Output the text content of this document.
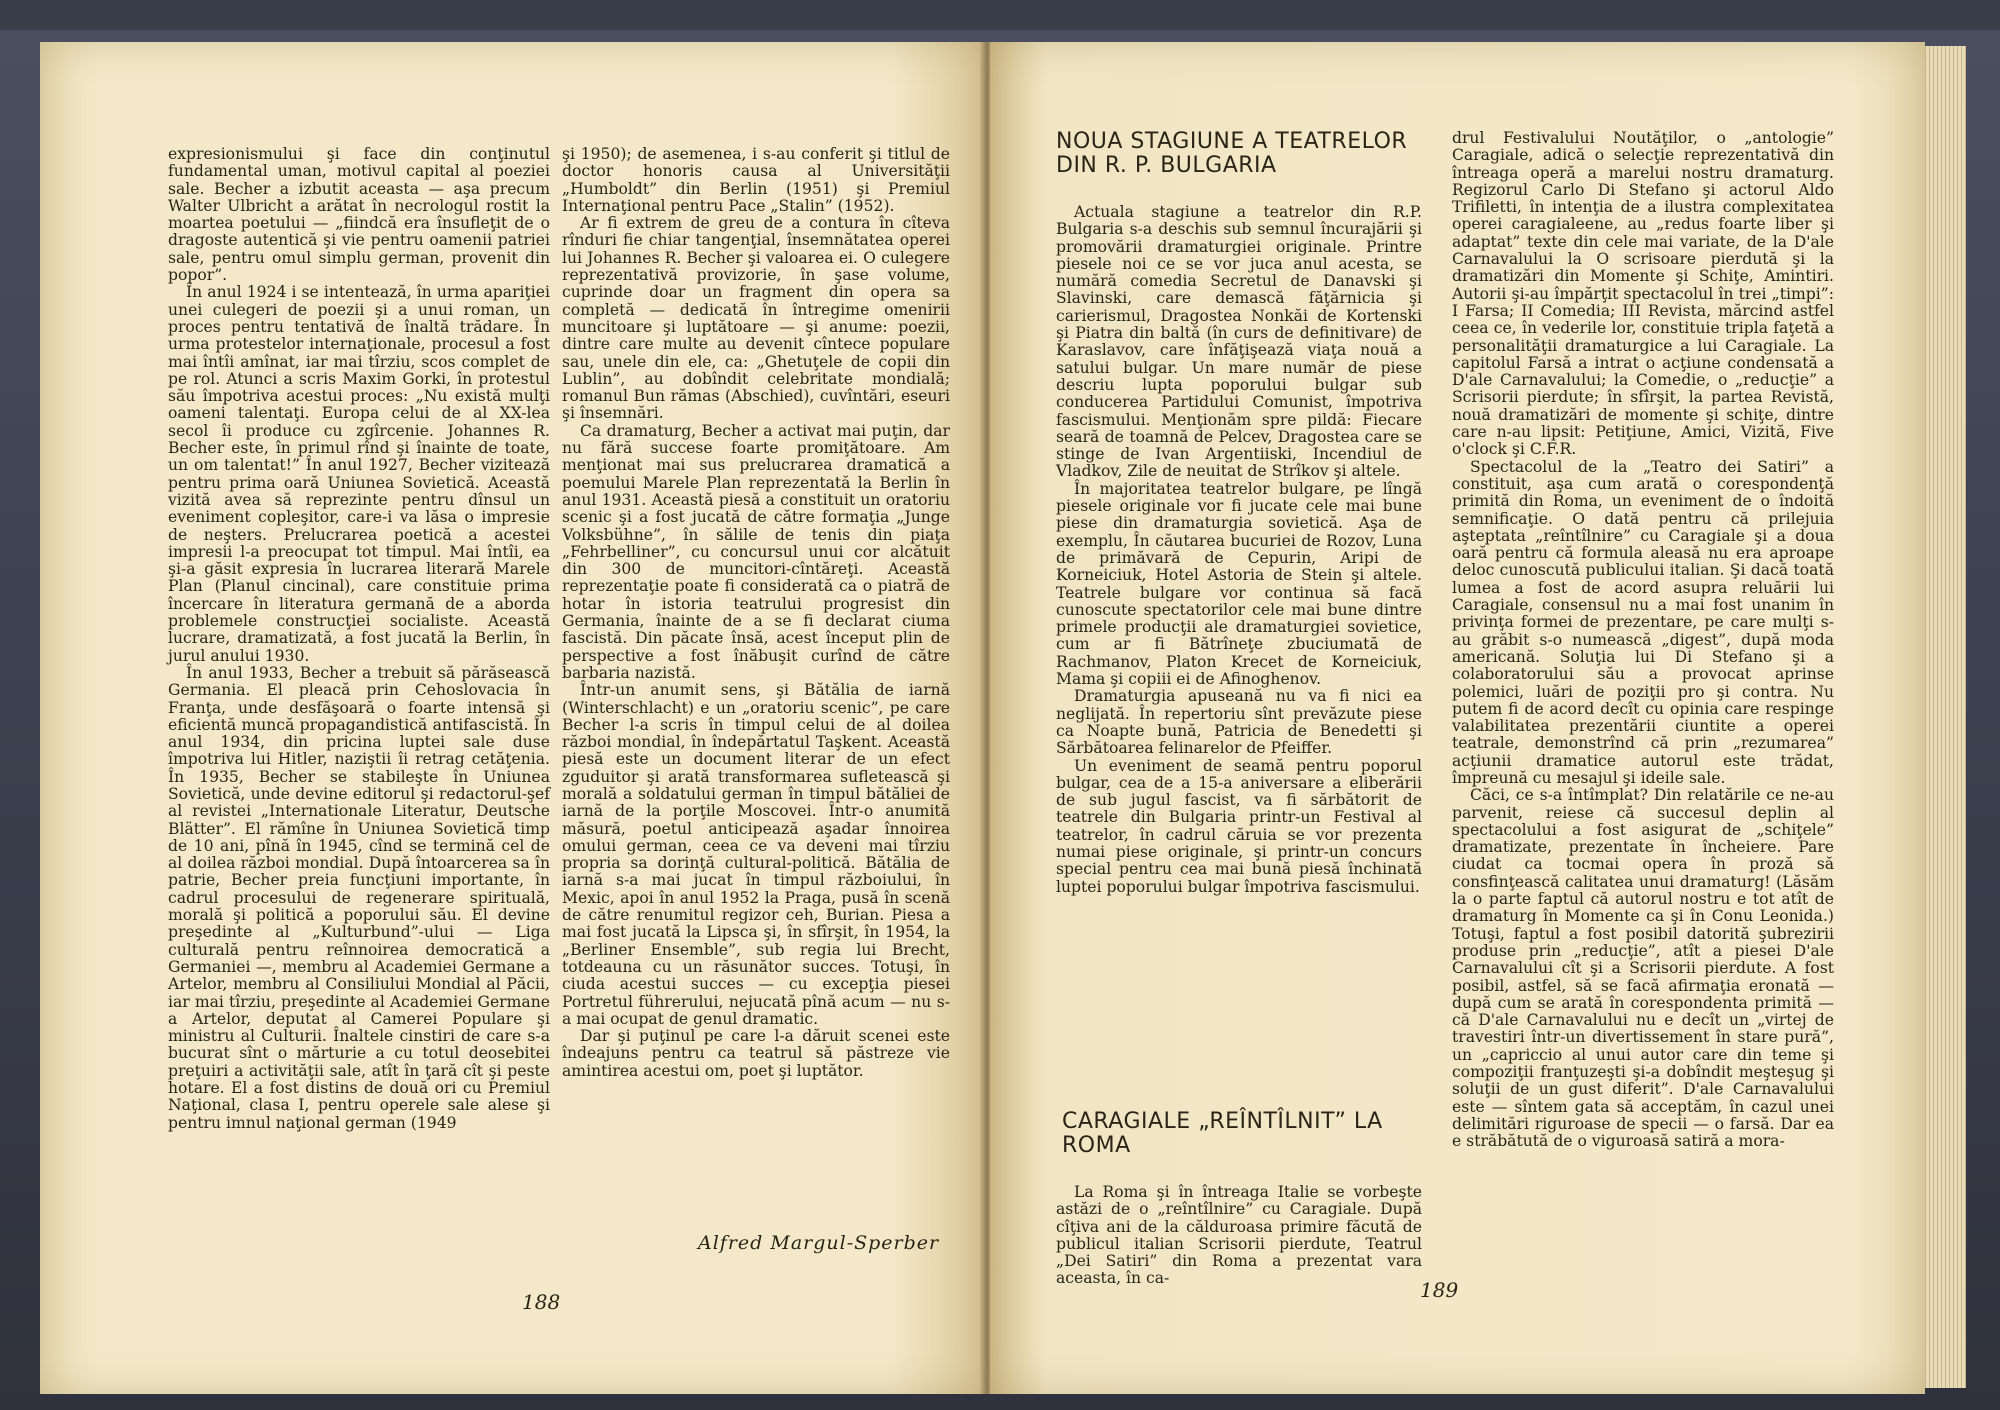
expresionismului şi face din conţinutul fundamental uman, motivul capital al poeziei sale. Becher a izbutit aceasta — aşa precum Walter Ulbricht a arătat în necrologul rostit la moartea poetului — „fiindcă era însufleţit de o dragoste autentică şi vie pentru oamenii patriei sale, pentru omul simplu german, provenit din popor”.

În anul 1924 i se intentează, în urma apariţiei unei culegeri de poezii şi a unui roman, un proces pentru tentativă de înaltă trădare. În urma protestelor internaţionale, procesul a fost mai întîi amînat, iar mai tîrziu, scos complet de pe rol. Atunci a scris Maxim Gorki, în protestul său împotriva acestui proces: „Nu există mulţi oameni talentaţi. Europa celui de al XX-lea secol îi produce cu zgîrcenie. Johannes R. Becher este, în primul rînd şi înainte de toate, un om talentat!” În anul 1927, Becher vizitează pentru prima oară Uniunea Sovietică. Această vizită avea să reprezinte pentru dînsul un eveniment copleşitor, care-i va lăsa o impresie de neşters. Prelucrarea poetică a acestei impresii l-a preocupat tot timpul. Mai întîi, ea şi-a găsit expresia în lucrarea literară Marele Plan (Planul cincinal), care constituie prima încercare în literatura germană de a aborda problemele construcţiei socialiste. Această lucrare, dramatizată, a fost jucată la Berlin, în jurul anului 1930.

În anul 1933, Becher a trebuit să părăsească Germania. El pleacă prin Cehoslovacia în Franţa, unde desfăşoară o foarte intensă şi eficientă muncă propagandistică antifascistă. În anul 1934, din pricina luptei sale duse împotriva lui Hitler, naziştii îi retrag cetăţenia. În 1935, Becher se stabileşte în Uniunea Sovietică, unde devine editorul şi redactorul-şef al revistei „Internationale Literatur, Deutsche Blätter”. El rămîne în Uniunea Sovietică timp de 10 ani, pînă în 1945, cînd se termină cel de al doilea război mondial. După întoarcerea sa în patrie, Becher preia funcţiuni importante, în cadrul procesului de regenerare spirituală, morală şi politică a poporului său. El devine preşedinte al „Kulturbund”-ului — Liga culturală pentru reînnoirea democratică a Germaniei —, membru al Academiei Germane a Artelor, membru al Consiliului Mondial al Păcii, iar mai tîrziu, preşedinte al Academiei Germane a Artelor, deputat al Camerei Populare şi ministru al Culturii. Înaltele cinstiri de care s-a bucurat sînt o mărturie a cu totul deosebitei preţuiri a activităţii sale, atît în ţară cît şi peste hotare. El a fost distins de două ori cu Premiul Naţional, clasa I, pentru operele sale alese şi pentru imnul naţional german (1949

şi 1950); de asemenea, i s-au conferit şi titlul de doctor honoris causa al Universităţii „Humboldt” din Berlin (1951) şi Premiul Internaţional pentru Pace „Stalin” (1952).

Ar fi extrem de greu de a contura în cîteva rînduri fie chiar tangenţial, însemnătatea operei lui Johannes R. Becher şi valoarea ei. O culegere reprezentativă provizorie, în şase volume, cuprinde doar un fragment din opera sa completă — dedicată în întregime omenirii muncitoare şi luptătoare — şi anume: poezii, dintre care multe au devenit cîntece populare sau, unele din ele, ca: „Ghetuţele de copii din Lublin”, au dobîndit celebritate mondială; romanul Bun rămas (Abschied), cuvîntări, eseuri şi însemnări.

Ca dramaturg, Becher a activat mai puţin, dar nu fără succese foarte promiţătoare. Am menţionat mai sus prelucrarea dramatică a poemului Marele Plan reprezentată la Berlin în anul 1931. Această piesă a constituit un oratoriu scenic şi a fost jucată de către formaţia „Junge Volksbühne”, în sălile de tenis din piaţa „Fehrbelliner”, cu concursul unui cor alcătuit din 300 de muncitori-cîntăreţi. Această reprezentaţie poate fi considerată ca o piatră de hotar în istoria teatrului progresist din Germania, înainte de a se fi declarat ciuma fascistă. Din păcate însă, acest început plin de perspective a fost înăbuşit curînd de către barbaria nazistă.

Într-un anumit sens, şi Bătălia de iarnă (Winterschlacht) e un „oratoriu scenic”, pe care Becher l-a scris în timpul celui de al doilea război mondial, în îndepărtatul Taşkent. Această piesă este un document literar de un efect zguduitor şi arată transformarea sufletească şi morală a soldatului german în timpul bătăliei de iarnă de la porţile Moscovei. Într-o anumită măsură, poetul anticipează aşadar înnoirea omului german, ceea ce va deveni mai tîrziu propria sa dorinţă cultural-politică. Bătălia de iarnă s-a mai jucat în timpul războiului, în Mexic, apoi în anul 1952 la Praga, pusă în scenă de către renumitul regizor ceh, Burian. Piesa a mai fost jucată la Lipsca şi, în sfîrşit, în 1954, la „Berliner Ensemble”, sub regia lui Brecht, totdeauna cu un răsunător succes. Totuşi, în ciuda acestui succes — cu excepţia piesei Portretul führerului, nejucată pînă acum — nu s-a mai ocupat de genul dramatic.

Dar şi puţinul pe care l-a dăruit scenei este îndeajuns pentru ca teatrul să păstreze vie amintirea acestui om, poet şi luptător.

Alfred Margul-Sperber
188
NOUA STAGIUNE A TEATRELOR DIN R. P. BULGARIA

Actuala stagiune a teatrelor din R.P. Bulgaria s-a deschis sub semnul încurajării şi promovării dramaturgiei originale. Printre piesele noi ce se vor juca anul acesta, se numără comedia Secretul de Danavski şi Slavinski, care demască făţărnicia şi carierismul, Dragostea Nonkăi de Kortenski şi Piatra din baltă (în curs de definitivare) de Karaslavov, care înfăţişează viaţa nouă a satului bulgar. Un mare număr de piese descriu lupta poporului bulgar sub conducerea Partidului Comunist, împotriva fascismului. Menţionăm spre pildă: Fiecare seară de toamnă de Pelcev, Dragostea care se stinge de Ivan Argentiiski, Incendiul de Vladkov, Zile de neuitat de Strîkov şi altele.

În majoritatea teatrelor bulgare, pe lîngă piesele originale vor fi jucate cele mai bune piese din dramaturgia sovietică. Aşa de exemplu, În căutarea bucuriei de Rozov, Luna de primăvară de Cepurin, Aripi de Korneiciuk, Hotel Astoria de Stein şi altele. Teatrele bulgare vor continua să facă cunoscute spectatorilor cele mai bune dintre primele producţii ale dramaturgiei sovietice, cum ar fi Bătrîneţe zbuciumată de Rachmanov, Platon Krecet de Korneiciuk, Mama şi copiii ei de Afinoghenov.

Dramaturgia apuseană nu va fi nici ea neglijată. În repertoriu sînt prevăzute piese ca Noapte bună, Patricia de Benedetti şi Sărbătoarea felinarelor de Pfeiffer.

Un eveniment de seamă pentru poporul bulgar, cea de a 15-a aniversare a eliberării de sub jugul fascist, va fi sărbătorit de teatrele din Bulgaria printr-un Festival al teatrelor, în cadrul căruia se vor prezenta numai piese originale, şi printr-un concurs special pentru cea mai bună piesă închinată luptei poporului bulgar împotriva fascismului.

CARAGIALE „REÎNTÎLNIT” LA ROMA

La Roma şi în întreaga Italie se vorbeşte astăzi de o „reîntîlnire” cu Caragiale. După cîţiva ani de la călduroasa primire făcută de publicul italian Scrisorii pierdute, Teatrul „Dei Satiri” din Roma a prezentat vara aceasta, în ca-

drul Festivalului Noutăţilor, o „antologie” Caragiale, adică o selecţie reprezentativă din întreaga operă a marelui nostru dramaturg. Regizorul Carlo Di Stefano şi actorul Aldo Trifiletti, în intenţia de a ilustra complexitatea operei caragialeene, au „redus foarte liber şi adaptat” texte din cele mai variate, de la D'ale Carnavalului la O scrisoare pierdută şi la dramatizări din Momente şi Schiţe, Amintiri. Autorii şi-au împărţit spectacolul în trei „timpi”: I Farsa; II Comedia; III Revista, mărcind astfel ceea ce, în vederile lor, constituie tripla faţetă a personalităţii dramaturgice a lui Caragiale. La capitolul Farsă a intrat o acţiune condensată a D'ale Carnavalului; la Comedie, o „reducţie” a Scrisorii pierdute; în sfîrşit, la partea Revistă, nouă dramatizări de momente şi schiţe, dintre care n-au lipsit: Petiţiune, Amici, Vizită, Five o'clock şi C.F.R.

Spectacolul de la „Teatro dei Satiri” a constituit, aşa cum arată o corespondenţă primită din Roma, un eveniment de o îndoită semnificaţie. O dată pentru că prilejuia aşteptata „reîntîlnire” cu Caragiale şi a doua oară pentru că formula aleasă nu era aproape deloc cunoscută publicului italian. Şi dacă toată lumea a fost de acord asupra reluării lui Caragiale, consensul nu a mai fost unanim în privinţa formei de prezentare, pe care mulţi s-au grăbit s-o numească „digest”, după moda americană. Soluţia lui Di Stefano şi a colaboratorului său a provocat aprinse polemici, luări de poziţii pro şi contra. Nu putem fi de acord decît cu opinia care respinge valabilitatea prezentării ciuntite a operei teatrale, demonstrînd că prin „rezumarea” acţiunii dramatice autorul este trădat, împreună cu mesajul şi ideile sale.

Căci, ce s-a întîmplat? Din relatările ce ne-au parvenit, reiese că succesul deplin al spectacolului a fost asigurat de „schiţele” dramatizate, prezentate în încheiere. Pare ciudat ca tocmai opera în proză să consfinţească calitatea unui dramaturg! (Lăsăm la o parte faptul că autorul nostru e tot atît de dramaturg în Momente ca şi în Conu Leonida.) Totuşi, faptul a fost posibil datorită şubrezirii produse prin „reducţie”, atît a piesei D'ale Carnavalului cît şi a Scrisorii pierdute. A fost posibil, astfel, să se facă afirmaţia eronată — după cum se arată în corespondenta primită — că D'ale Carnavalului nu e decît un „virtej de travestiri într-un divertissement în stare pură”, un „capriccio al unui autor care din teme şi compoziţii franţuzeşti şi-a dobîndit meşteşug şi soluţii de un gust diferit”. D'ale Carnavalului este — sîntem gata să acceptăm, în cazul unei delimitări riguroase de specii — o farsă. Dar ea e străbătută de o viguroasă satiră a mora-

189
